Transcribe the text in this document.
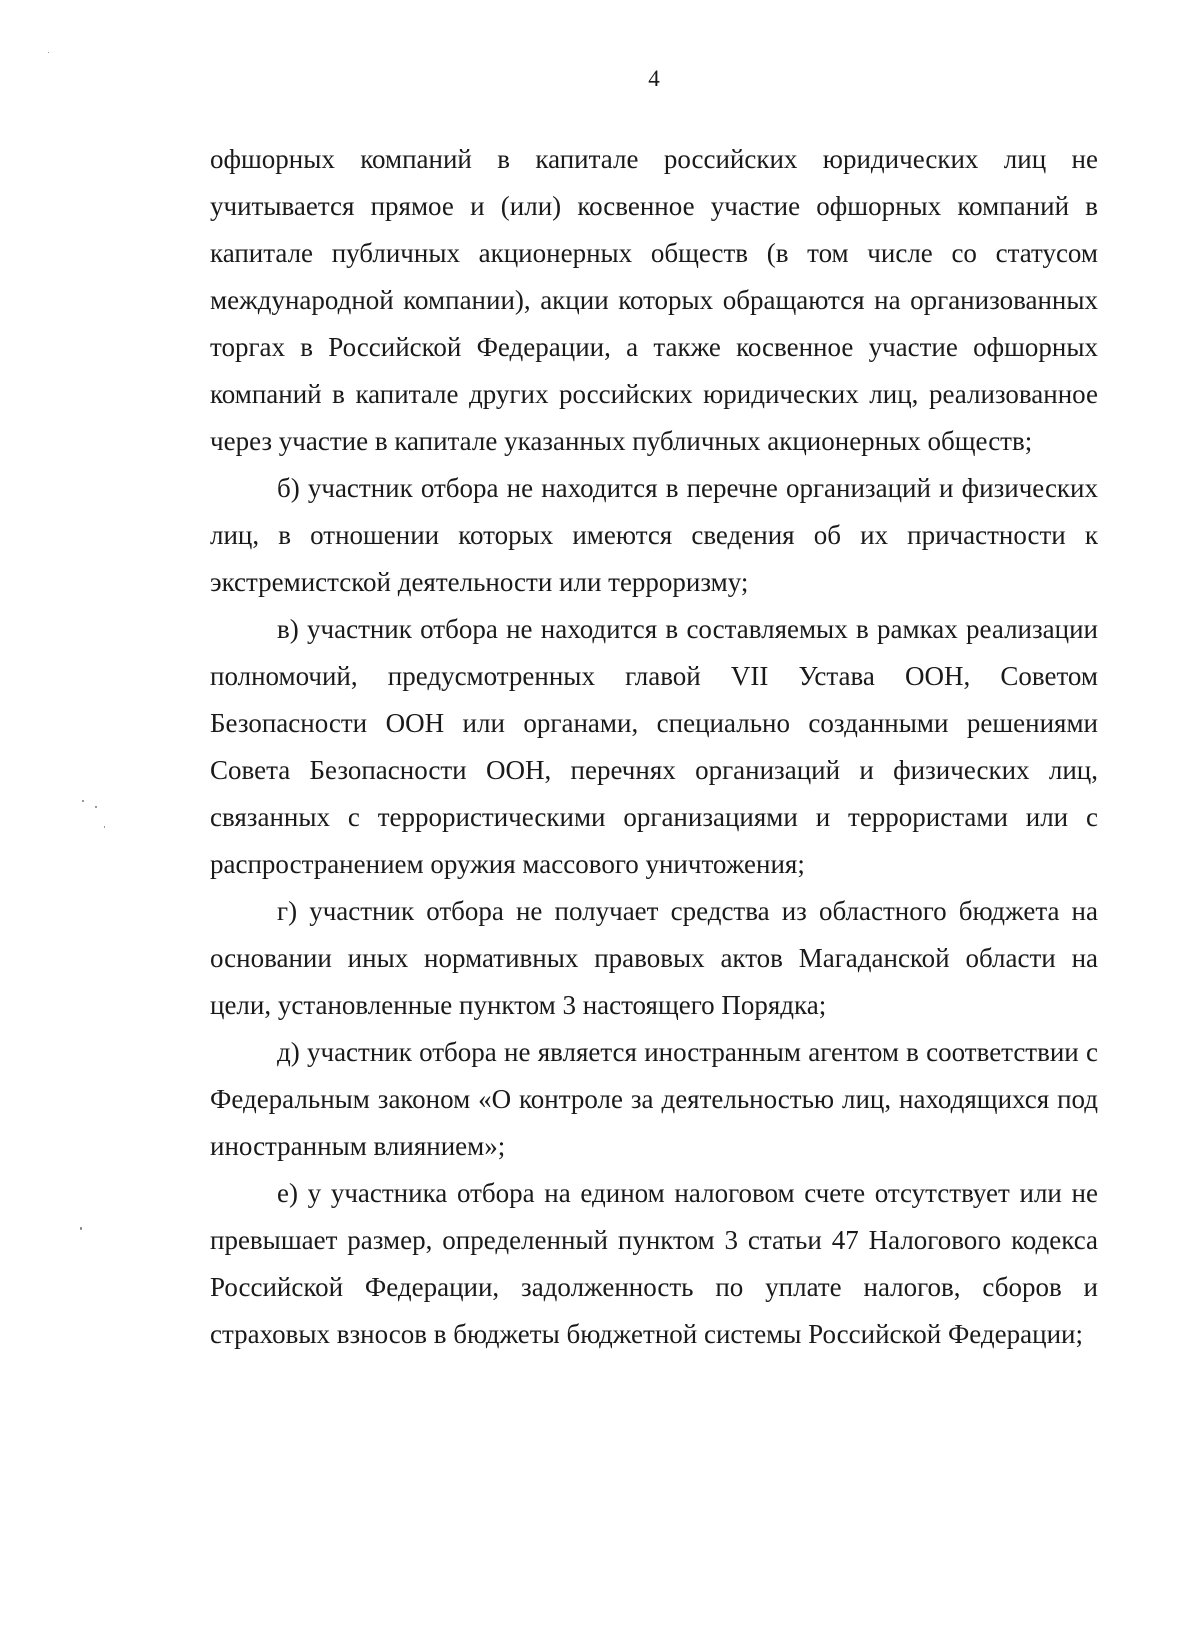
4

офшорных компаний в капитале российских юридических лиц не учитывается прямое и (или) косвенное участие офшорных компаний в капитале публичных акционерных обществ (в том числе со статусом международной компании), акции которых обращаются на организованных торгах в Российской Федерации, а также косвенное участие офшорных компаний в капитале других российских юридических лиц, реализованное через участие в капитале указанных публичных акционерных обществ;

б) участник отбора не находится в перечне организаций и физических лиц, в отношении которых имеются сведения об их причастности к экстремистской деятельности или терроризму;

в) участник отбора не находится в составляемых в рамках реализации полномочий, предусмотренных главой VII Устава ООН, Советом Безопасности ООН или органами, специально созданными решениями Совета Безопасности ООН, перечнях организаций и физических лиц, связанных с террористическими организациями и террористами или с распространением оружия массового уничтожения;

г) участник отбора не получает средства из областного бюджета на основании иных нормативных правовых актов Магаданской области на цели, установленные пунктом 3 настоящего Порядка;

д) участник отбора не является иностранным агентом в соответствии с Федеральным законом «О контроле за деятельностью лиц, находящихся под иностранным влиянием»;

е) у участника отбора на едином налоговом счете отсутствует или не превышает размер, определенный пунктом 3 статьи 47 Налогового кодекса Российской Федерации, задолженность по уплате налогов, сборов и страховых взносов в бюджеты бюджетной системы Российской Федерации;
